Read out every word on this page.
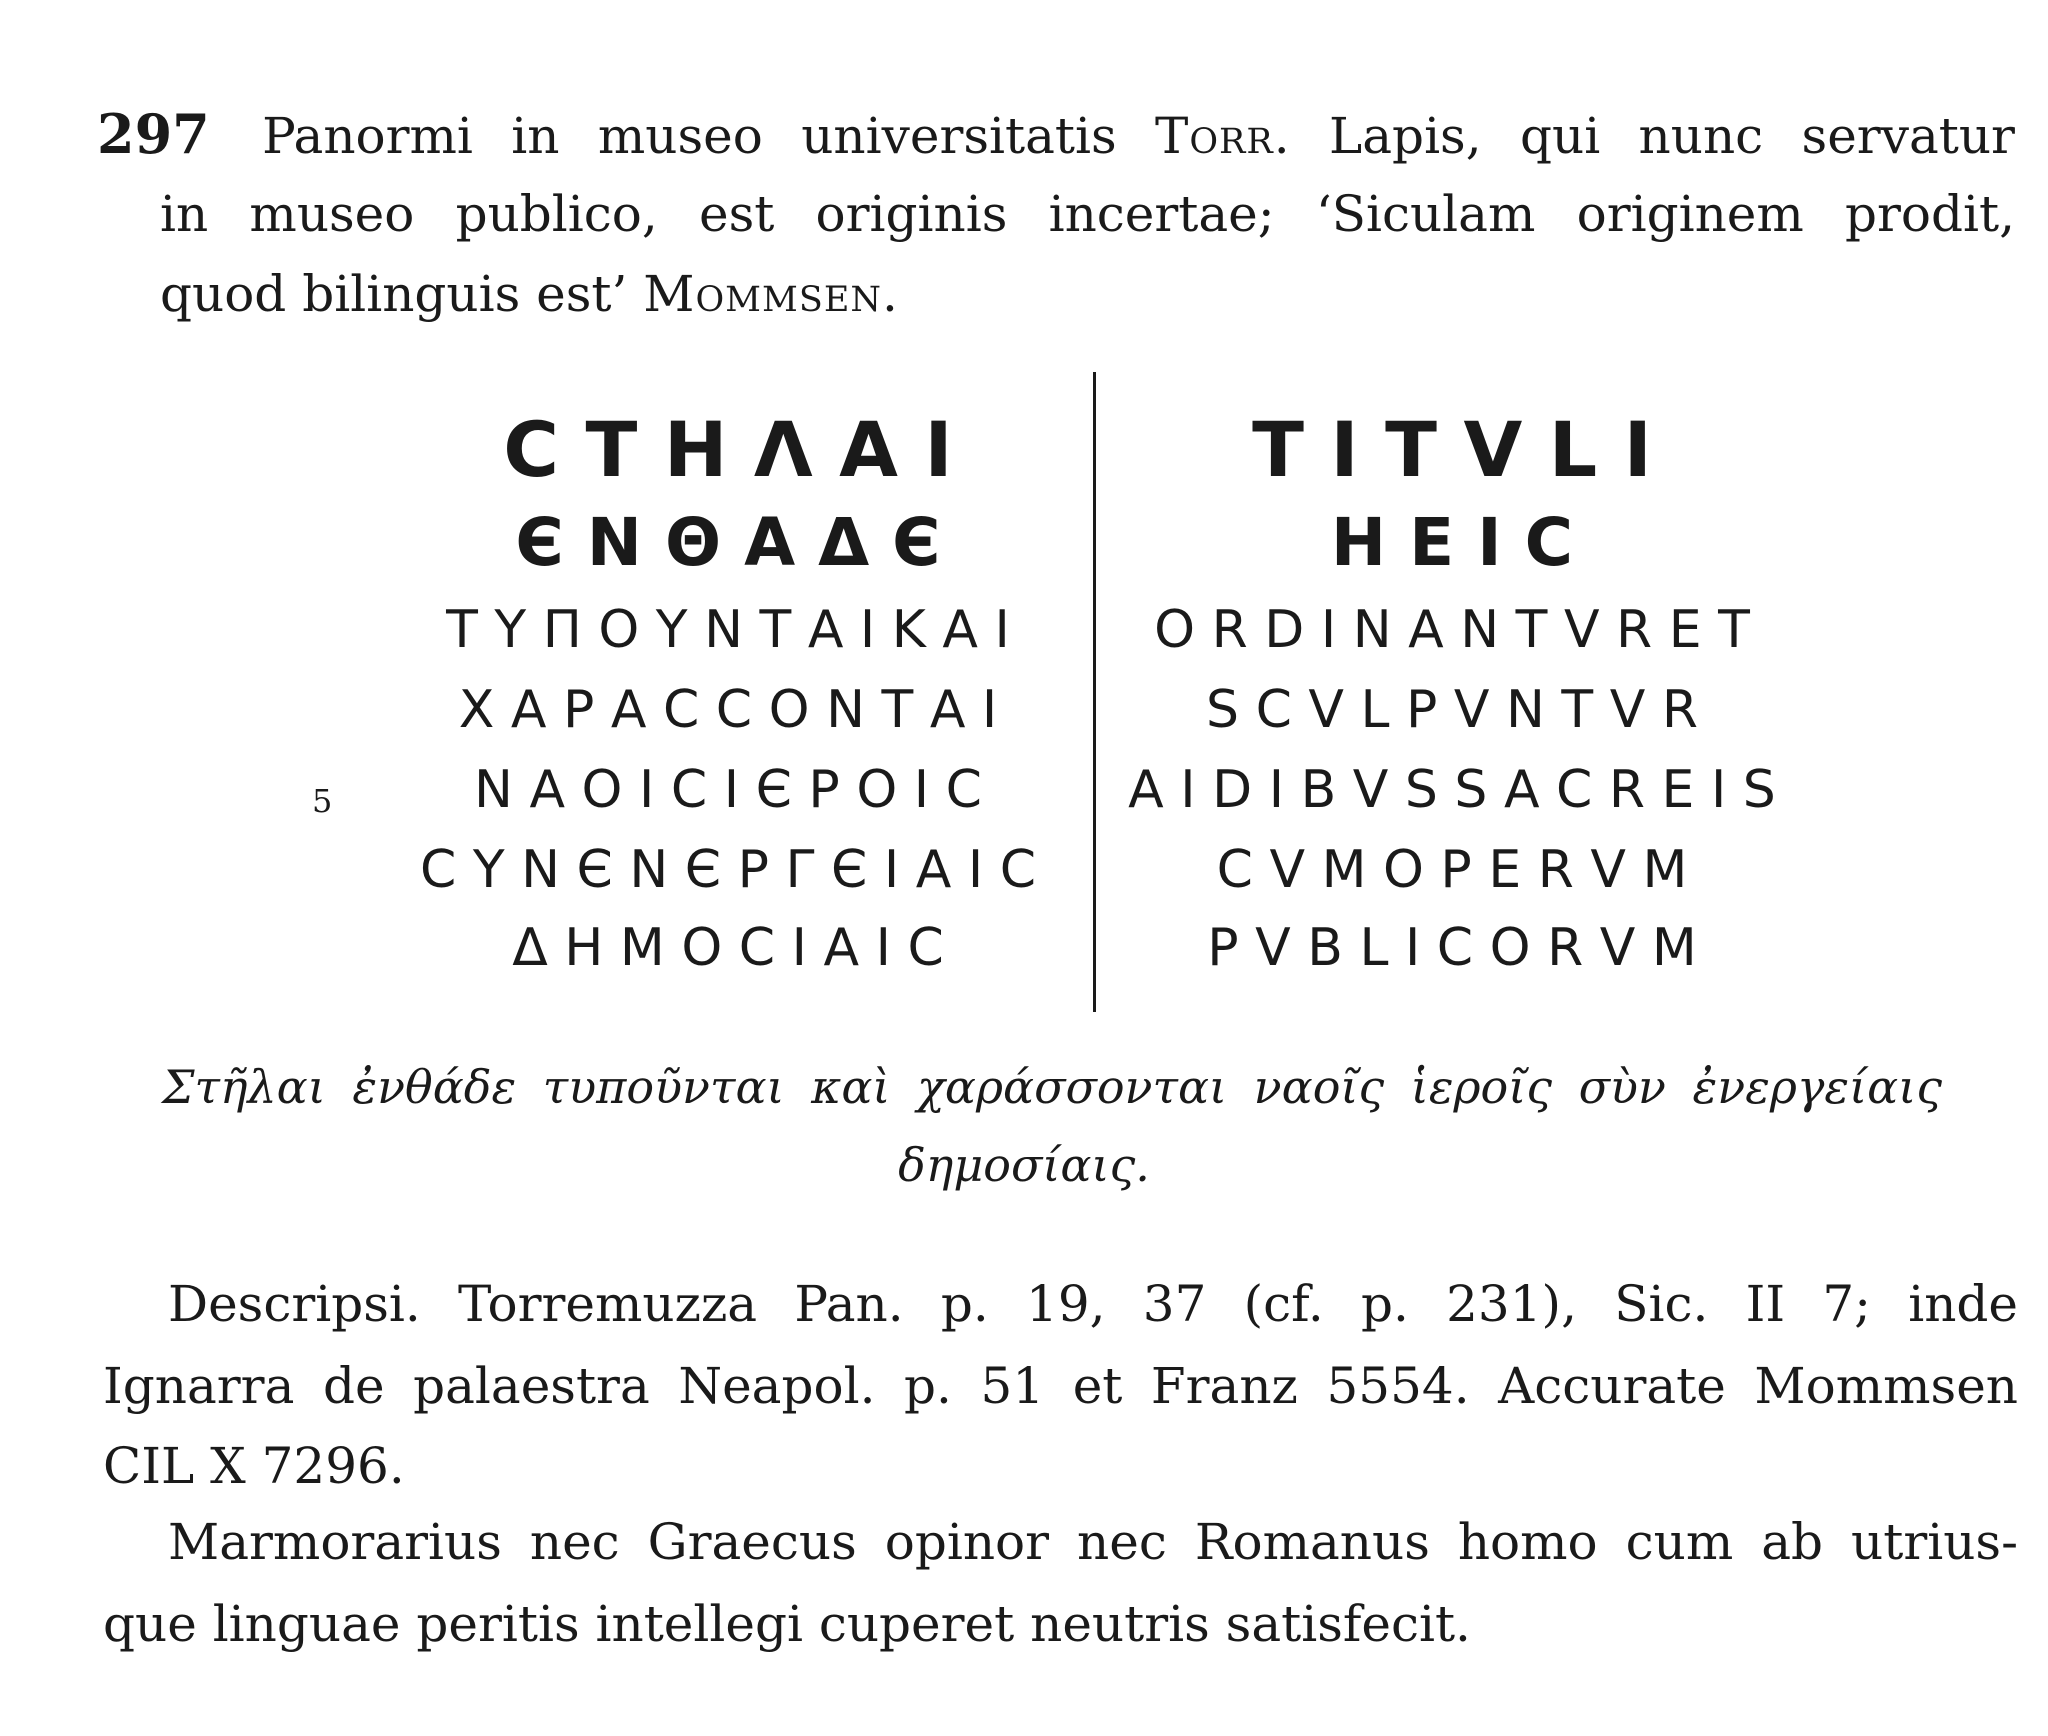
297 Panormi in museo universitatis Torr. Lapis, qui nunc servatur
in museo publico, est originis incertae; ‘Siculam originem prodit,
quod bilinguis est’ Mommsen.
C T H Λ A I
Є N Θ A Δ Є
T Y Π O Y N T A I K A I
X A P A C C O N T A I
N A O I C I Є P O I C
C Y N Є N Є P Γ Є I A I C
Δ H M O C I A I C
5
T I T V L I
H E I C
O R D I N A N T V R E T
S C V L P V N T V R
A I D I B V S S A C R E I S
C V M O P E R V M
P V B L I C O R V M
Στῆλαι ἐνθάδε τυποῦνται καὶ χαράσσονται ναοῖς ἱεροῖς σὺν ἐνεργείαις
δημοσίαις.
Descripsi. Torremuzza Pan. p. 19, 37 (cf. p. 231), Sic. II 7; inde
Ignarra de palaestra Neapol. p. 51 et Franz 5554. Accurate Mommsen
CIL X 7296.
Marmorarius nec Graecus opinor nec Romanus homo cum ab utrius-
que linguae peritis intellegi cuperet neutris satisfecit.
